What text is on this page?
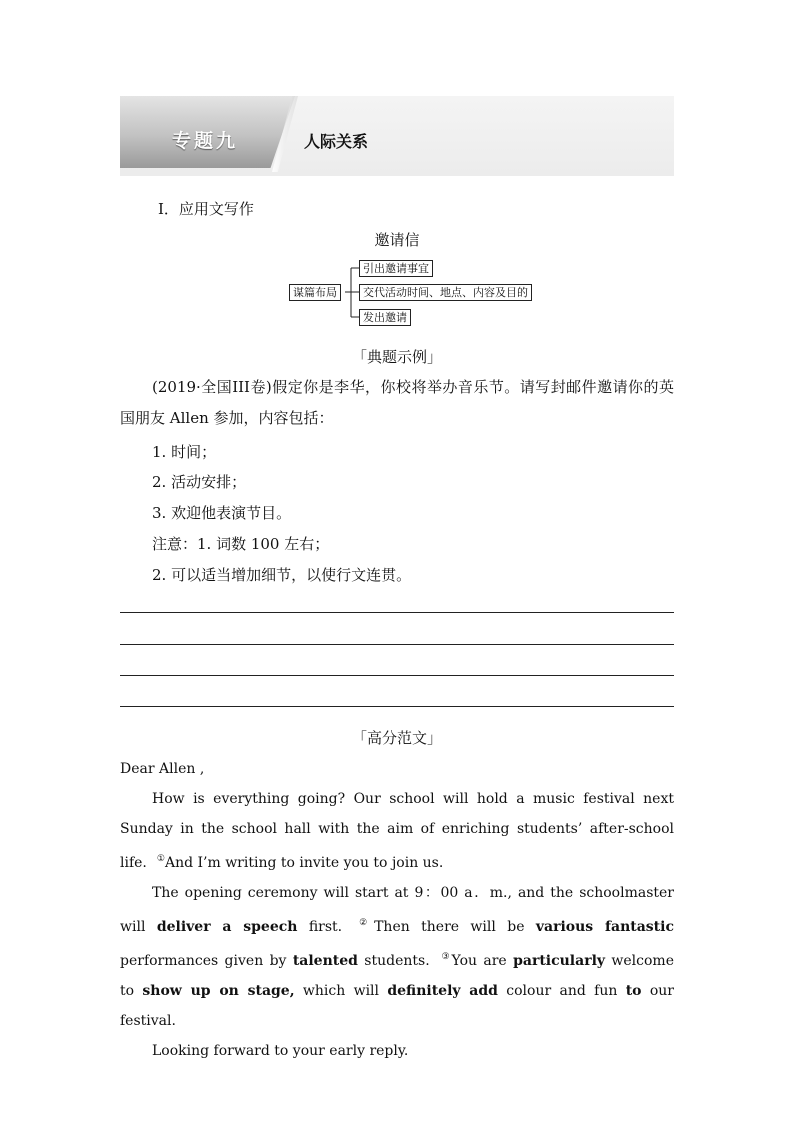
专题九	人际关系
Ⅰ．应用文写作
邀请信
谋篇布局
引出邀请事宜
交代活动时间、地点、内容及目的
发出邀请
「典题示例」
(2019·全国III卷)假定你是李华，你校将举办音乐节。请写封邮件邀请你的英国朋友 Allen 参加，内容包括：
1. 时间；
2. 活动安排；
3. 欢迎他表演节目。
注意：1. 词数 100 左右；
2. 可以适当增加细节，以使行文连贯。
「高分范文」

Dear Allen ,

How is everything going? Our school will hold a music festival next Sunday in the school hall with the aim of enriching students’ after-school life. ①And I’m writing to invite you to join us.

The opening ceremony will start at 9：00 a．m., and the schoolmaster will deliver a speech first. ②Then there will be various fantastic performances given by talented students. ③You are particularly welcome to show up on stage, which will definitely add colour and fun to our festival.

Looking forward to your early reply.
